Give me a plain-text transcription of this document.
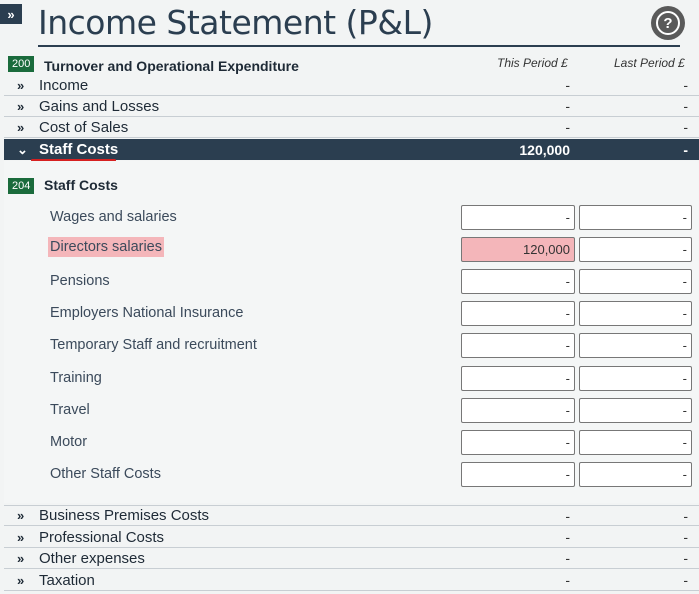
» Income Statement (P&L)	?
200 Turnover and Operational Expenditure	This Period £	Last Period £
» Income	-	-
» Gains and Losses	-	-
» Cost of Sales	-	-
⌄ Staff Costs	120,000	-
204 Staff Costs
Wages and salaries	-	-
Directors salaries	120,000	-
Pensions	-	-
Employers National Insurance	-	-
Temporary Staff and recruitment	-	-
Training	-	-
Travel	-	-
Motor	-	-
Other Staff Costs	-	-
» Business Premises Costs	-	-
» Professional Costs	-	-
» Other expenses	-	-
» Taxation	-	-
